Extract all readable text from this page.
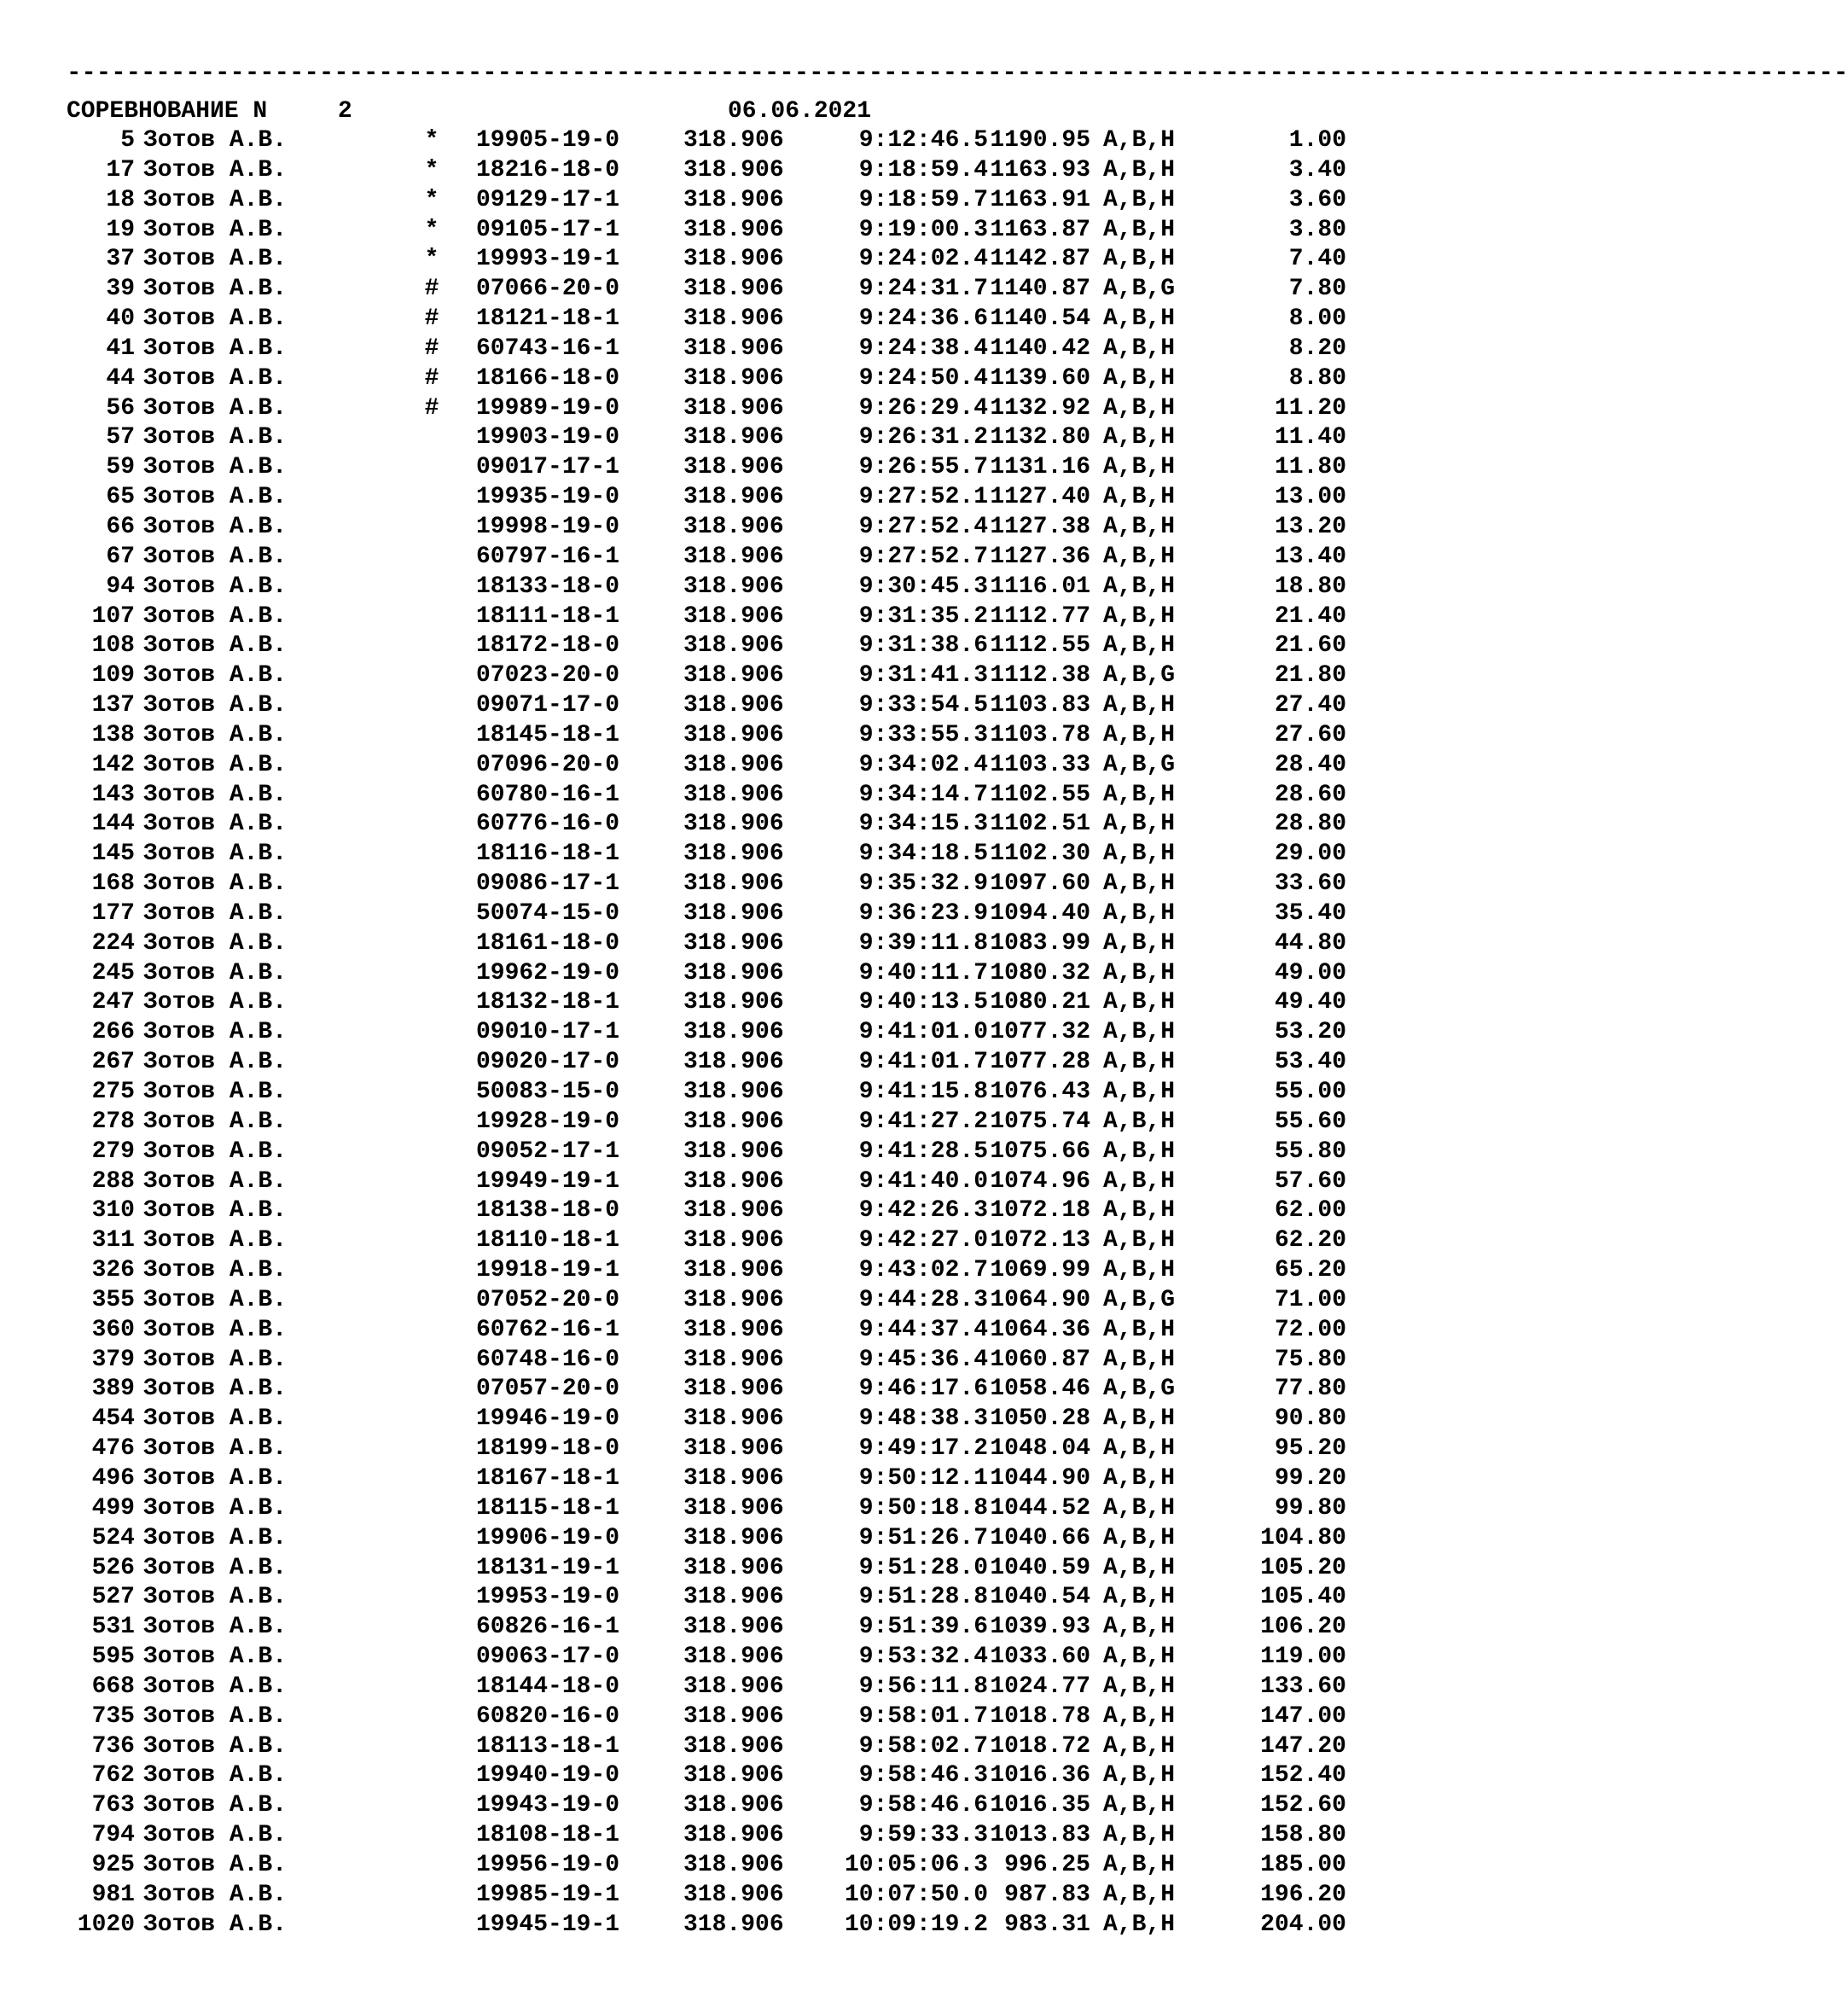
------------------------------------------------------------------------------------------------------------------------

СОРЕВНОВАНИЕ N

	2

	06.06.2021

5 Зотов А.В.	*	19905-19-0	318.906	9:12:46.5 1190.95 A,B,H	1.00
17 Зотов А.В.	*	18216-18-0	318.906	9:18:59.4 1163.93 A,B,H	3.40
18 Зотов А.В.	*	09129-17-1	318.906	9:18:59.7 1163.91 A,B,H	3.60
19 Зотов А.В.	*	09105-17-1	318.906	9:19:00.3 1163.87 A,B,H	3.80
37 Зотов А.В.	*	19993-19-1	318.906	9:24:02.4 1142.87 A,B,H	7.40
39 Зотов А.В.	#	07066-20-0	318.906	9:24:31.7 1140.87 A,B,G	7.80
40 Зотов А.В.	#	18121-18-1	318.906	9:24:36.6 1140.54 A,B,H	8.00
41 Зотов А.В.	#	60743-16-1	318.906	9:24:38.4 1140.42 A,B,H	8.20
44 Зотов А.В.	#	18166-18-0	318.906	9:24:50.4 1139.60 A,B,H	8.80
56 Зотов А.В.	#	19989-19-0	318.906	9:26:29.4 1132.92 A,B,H	11.20
57 Зотов А.В.	19903-19-0	318.906	9:26:31.2 1132.80 A,B,H	11.40
59 Зотов А.В.	09017-17-1	318.906	9:26:55.7 1131.16 A,B,H	11.80
65 Зотов А.В.	19935-19-0	318.906	9:27:52.1 1127.40 A,B,H	13.00
66 Зотов А.В.	19998-19-0	318.906	9:27:52.4 1127.38 A,B,H	13.20
67 Зотов А.В.	60797-16-1	318.906	9:27:52.7 1127.36 A,B,H	13.40
94 Зотов А.В.	18133-18-0	318.906	9:30:45.3 1116.01 A,B,H	18.80
107 Зотов А.В.	18111-18-1	318.906	9:31:35.2 1112.77 A,B,H	21.40
108 Зотов А.В.	18172-18-0	318.906	9:31:38.6 1112.55 A,B,H	21.60
109 Зотов А.В.	07023-20-0	318.906	9:31:41.3 1112.38 A,B,G	21.80
137 Зотов А.В.	09071-17-0	318.906	9:33:54.5 1103.83 A,B,H	27.40
138 Зотов А.В.	18145-18-1	318.906	9:33:55.3 1103.78 A,B,H	27.60
142 Зотов А.В.	07096-20-0	318.906	9:34:02.4 1103.33 A,B,G	28.40
143 Зотов А.В.	60780-16-1	318.906	9:34:14.7 1102.55 A,B,H	28.60
144 Зотов А.В.	60776-16-0	318.906	9:34:15.3 1102.51 A,B,H	28.80
145 Зотов А.В.	18116-18-1	318.906	9:34:18.5 1102.30 A,B,H	29.00
168 Зотов А.В.	09086-17-1	318.906	9:35:32.9 1097.60 A,B,H	33.60
177 Зотов А.В.	50074-15-0	318.906	9:36:23.9 1094.40 A,B,H	35.40
224 Зотов А.В.	18161-18-0	318.906	9:39:11.8 1083.99 A,B,H	44.80
245 Зотов А.В.	19962-19-0	318.906	9:40:11.7 1080.32 A,B,H	49.00
247 Зотов А.В.	18132-18-1	318.906	9:40:13.5 1080.21 A,B,H	49.40
266 Зотов А.В.	09010-17-1	318.906	9:41:01.0 1077.32 A,B,H	53.20
267 Зотов А.В.	09020-17-0	318.906	9:41:01.7 1077.28 A,B,H	53.40
275 Зотов А.В.	50083-15-0	318.906	9:41:15.8 1076.43 A,B,H	55.00
278 Зотов А.В.	19928-19-0	318.906	9:41:27.2 1075.74 A,B,H	55.60
279 Зотов А.В.	09052-17-1	318.906	9:41:28.5 1075.66 A,B,H	55.80
288 Зотов А.В.	19949-19-1	318.906	9:41:40.0 1074.96 A,B,H	57.60
310 Зотов А.В.	18138-18-0	318.906	9:42:26.3 1072.18 A,B,H	62.00
311 Зотов А.В.	18110-18-1	318.906	9:42:27.0 1072.13 A,B,H	62.20
326 Зотов А.В.	19918-19-1	318.906	9:43:02.7 1069.99 A,B,H	65.20
355 Зотов А.В.	07052-20-0	318.906	9:44:28.3 1064.90 A,B,G	71.00
360 Зотов А.В.	60762-16-1	318.906	9:44:37.4 1064.36 A,B,H	72.00
379 Зотов А.В.	60748-16-0	318.906	9:45:36.4 1060.87 A,B,H	75.80
389 Зотов А.В.	07057-20-0	318.906	9:46:17.6 1058.46 A,B,G	77.80
454 Зотов А.В.	19946-19-0	318.906	9:48:38.3 1050.28 A,B,H	90.80
476 Зотов А.В.	18199-18-0	318.906	9:49:17.2 1048.04 A,B,H	95.20
496 Зотов А.В.	18167-18-1	318.906	9:50:12.1 1044.90 A,B,H	99.20
499 Зотов А.В.	18115-18-1	318.906	9:50:18.8 1044.52 A,B,H	99.80
524 Зотов А.В.	19906-19-0	318.906	9:51:26.7 1040.66 A,B,H	104.80
526 Зотов А.В.	18131-19-1	318.906	9:51:28.0 1040.59 A,B,H	105.20
527 Зотов А.В.	19953-19-0	318.906	9:51:28.8 1040.54 A,B,H	105.40
531 Зотов А.В.	60826-16-1	318.906	9:51:39.6 1039.93 A,B,H	106.20
595 Зотов А.В.	09063-17-0	318.906	9:53:32.4 1033.60 A,B,H	119.00
668 Зотов А.В.	18144-18-0	318.906	9:56:11.8 1024.77 A,B,H	133.60
735 Зотов А.В.	60820-16-0	318.906	9:58:01.7 1018.78 A,B,H	147.00
736 Зотов А.В.	18113-18-1	318.906	9:58:02.7 1018.72 A,B,H	147.20
762 Зотов А.В.	19940-19-0	318.906	9:58:46.3 1016.36 A,B,H	152.40
763 Зотов А.В.	19943-19-0	318.906	9:58:46.6 1016.35 A,B,H	152.60
794 Зотов А.В.	18108-18-1	318.906	9:59:33.3 1013.83 A,B,H	158.80
925 Зотов А.В.	19956-19-0	318.906	10:05:06.3 996.25 A,B,H	185.00
981 Зотов А.В.	19985-19-1	318.906	10:07:50.0 987.83 A,B,H	196.20
1020 Зотов А.В.	19945-19-1	318.906	10:09:19.2 983.31 A,B,H	204.00
